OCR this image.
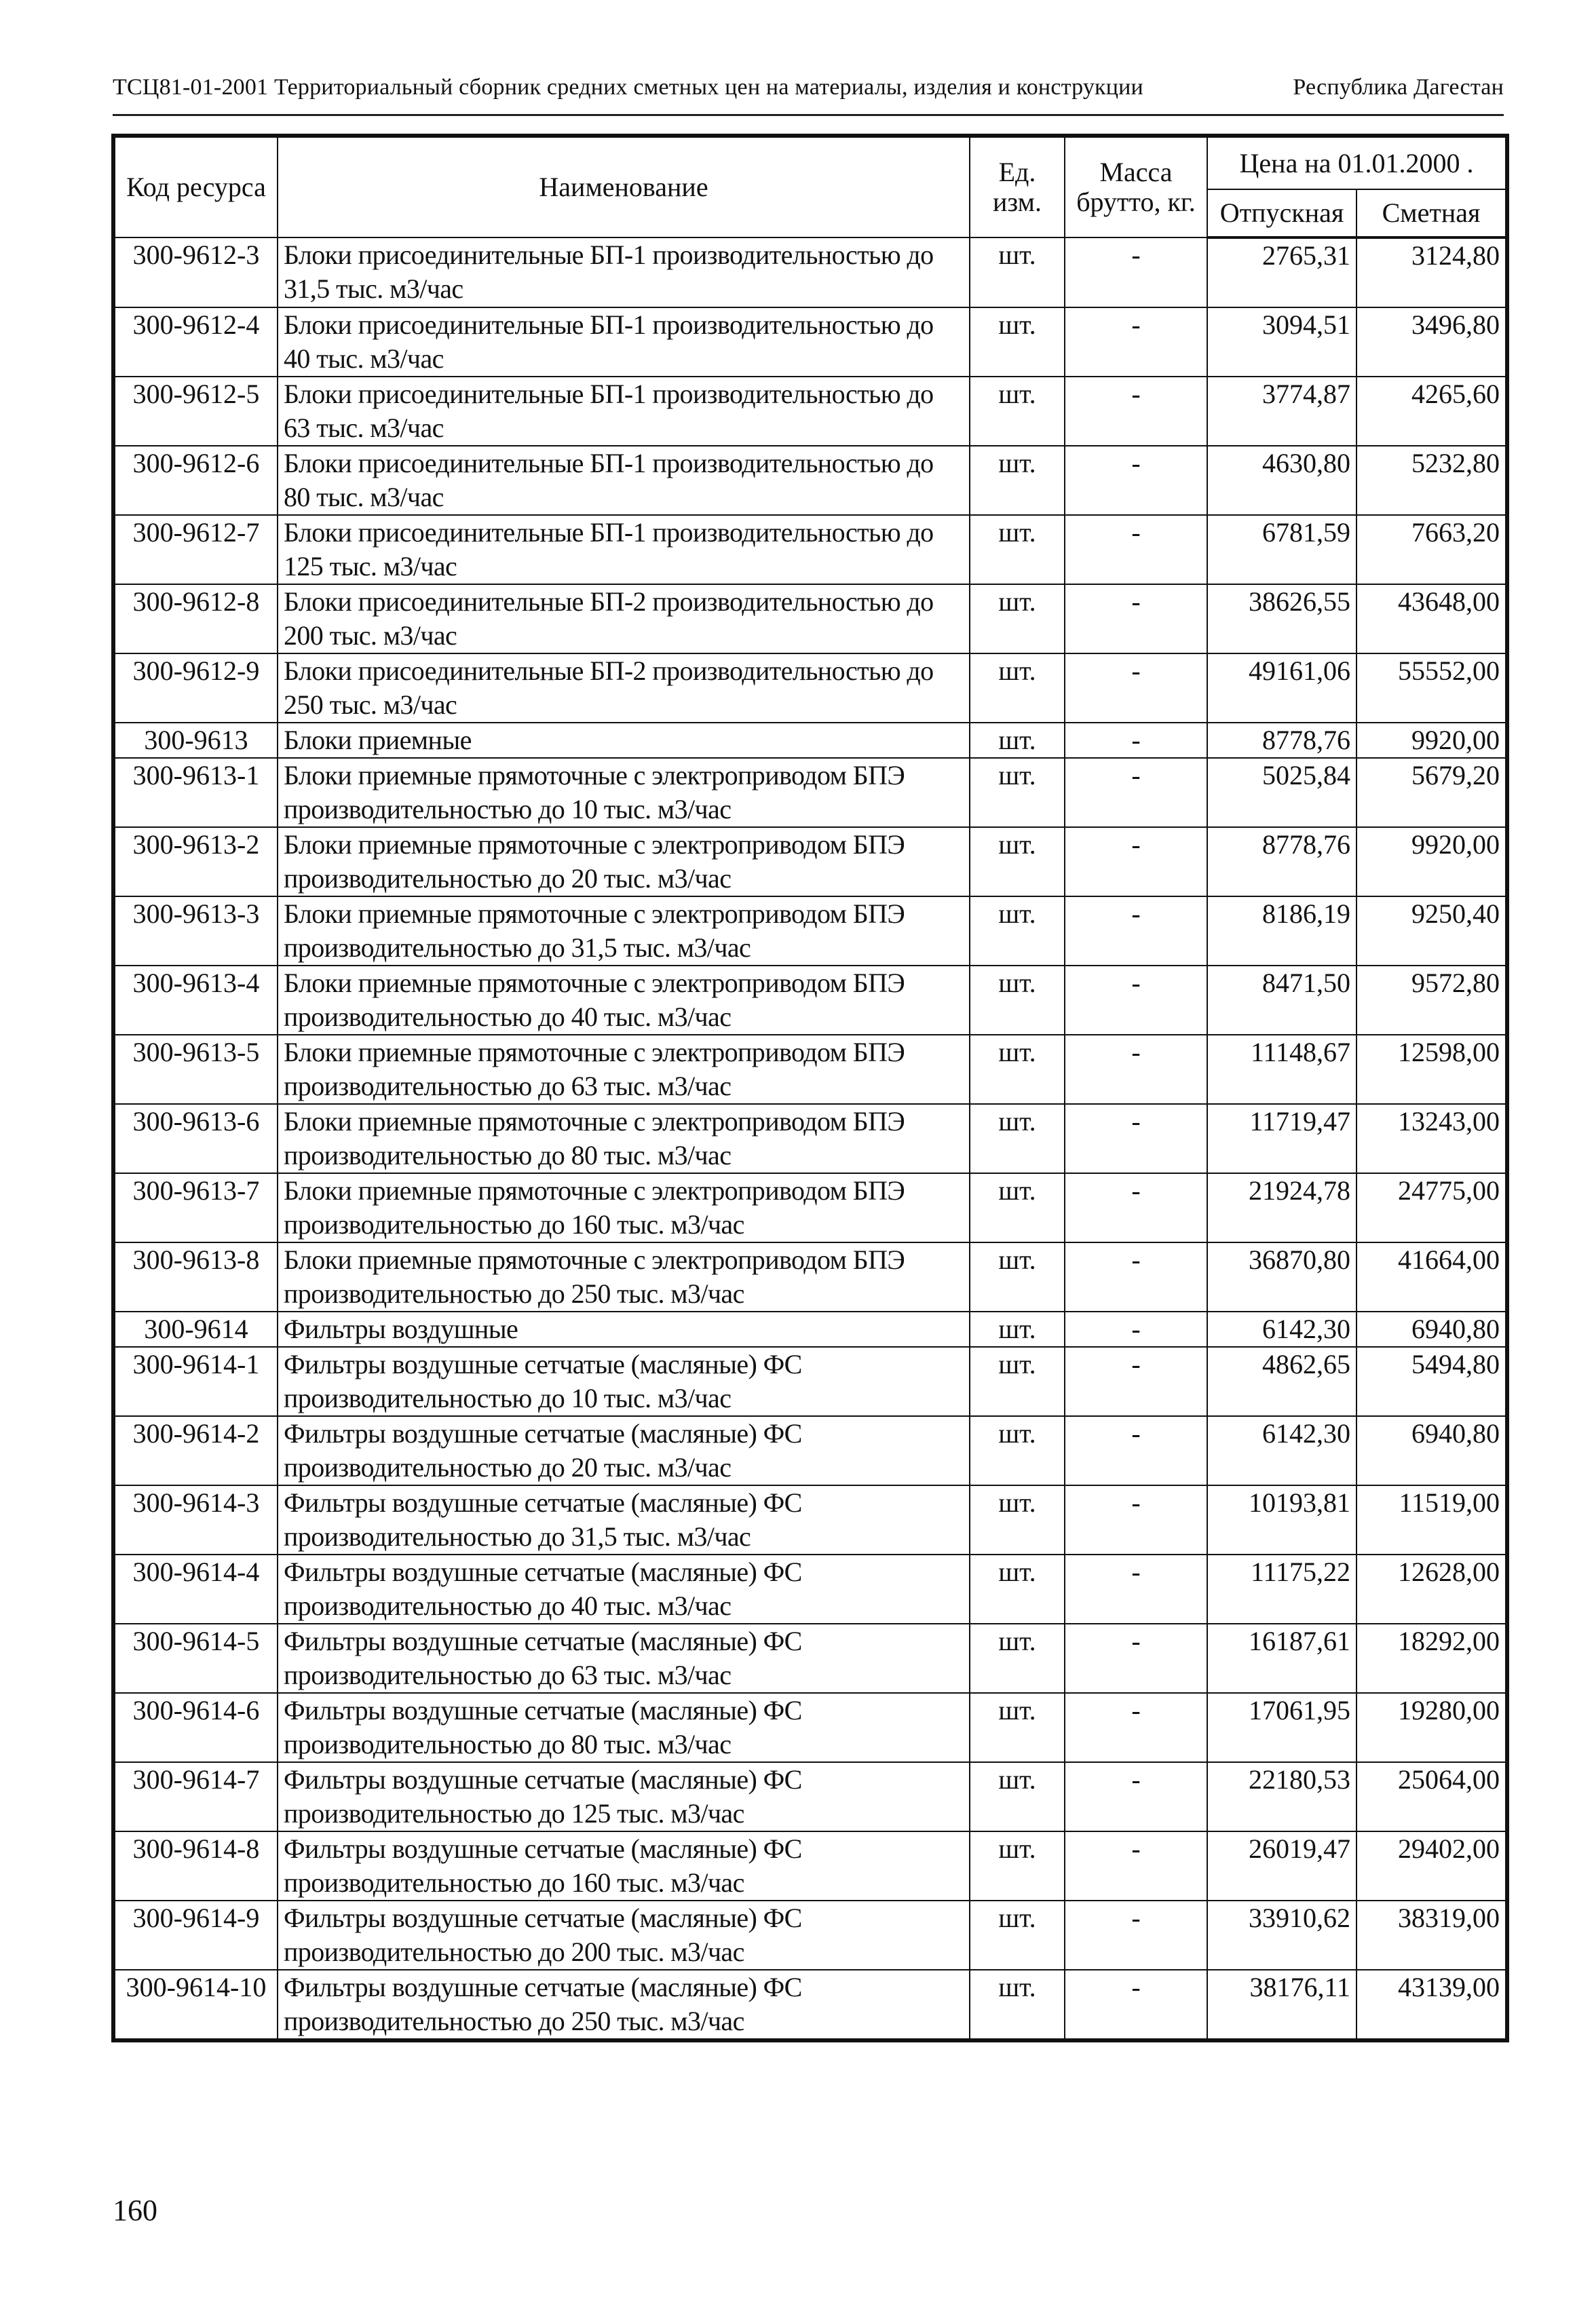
ТСЦ81-01-2001 Территориальный сборник средних сметных цен на материалы, изделия и конструкции	Республика Дагестан
Код ресурса	Наименование	Ед. изм.	Масса брутто, кг.	Цена на 01.01.2000 .	
				Отпускная	Сметная
300-9612-3	Блоки присоединительные БП-1 производительностью до 31,5 тыс. м3/час	шт.	-	2765,31	3124,80
300-9612-4	Блоки присоединительные БП-1 производительностью до 40 тыс. м3/час	шт.	-	3094,51	3496,80
300-9612-5	Блоки присоединительные БП-1 производительностью до 63 тыс. м3/час	шт.	-	3774,87	4265,60
300-9612-6	Блоки присоединительные БП-1 производительностью до 80 тыс. м3/час	шт.	-	4630,80	5232,80
300-9612-7	Блоки присоединительные БП-1 производительностью до 125 тыс. м3/час	шт.	-	6781,59	7663,20
300-9612-8	Блоки присоединительные БП-2 производительностью до 200 тыс. м3/час	шт.	-	38626,55	43648,00
300-9612-9	Блоки присоединительные БП-2 производительностью до 250 тыс. м3/час	шт.	-	49161,06	55552,00
300-9613	Блоки приемные	шт.	-	8778,76	9920,00
300-9613-1	Блоки приемные прямоточные с электроприводом БПЭ производительностью до 10 тыс. м3/час	шт.	-	5025,84	5679,20
300-9613-2	Блоки приемные прямоточные с электроприводом БПЭ производительностью до 20 тыс. м3/час	шт.	-	8778,76	9920,00
300-9613-3	Блоки приемные прямоточные с электроприводом БПЭ производительностью до 31,5 тыс. м3/час	шт.	-	8186,19	9250,40
300-9613-4	Блоки приемные прямоточные с электроприводом БПЭ производительностью до 40 тыс. м3/час	шт.	-	8471,50	9572,80
300-9613-5	Блоки приемные прямоточные с электроприводом БПЭ производительностью до 63 тыс. м3/час	шт.	-	11148,67	12598,00
300-9613-6	Блоки приемные прямоточные с электроприводом БПЭ производительностью до 80 тыс. м3/час	шт.	-	11719,47	13243,00
300-9613-7	Блоки приемные прямоточные с электроприводом БПЭ производительностью до 160 тыс. м3/час	шт.	-	21924,78	24775,00
300-9613-8	Блоки приемные прямоточные с электроприводом БПЭ производительностью до 250 тыс. м3/час	шт.	-	36870,80	41664,00
300-9614	Фильтры воздушные	шт.	-	6142,30	6940,80
300-9614-1	Фильтры воздушные сетчатые (масляные) ФС производительностью до 10 тыс. м3/час	шт.	-	4862,65	5494,80
300-9614-2	Фильтры воздушные сетчатые (масляные) ФС производительностью до 20 тыс. м3/час	шт.	-	6142,30	6940,80
300-9614-3	Фильтры воздушные сетчатые (масляные) ФС производительностью до 31,5 тыс. м3/час	шт.	-	10193,81	11519,00
300-9614-4	Фильтры воздушные сетчатые (масляные) ФС производительностью до 40 тыс. м3/час	шт.	-	11175,22	12628,00
300-9614-5	Фильтры воздушные сетчатые (масляные) ФС производительностью до 63 тыс. м3/час	шт.	-	16187,61	18292,00
300-9614-6	Фильтры воздушные сетчатые (масляные) ФС производительностью до 80 тыс. м3/час	шт.	-	17061,95	19280,00
300-9614-7	Фильтры воздушные сетчатые (масляные) ФС производительностью до 125 тыс. м3/час	шт.	-	22180,53	25064,00
300-9614-8	Фильтры воздушные сетчатые (масляные) ФС производительностью до 160 тыс. м3/час	шт.	-	26019,47	29402,00
300-9614-9	Фильтры воздушные сетчатые (масляные) ФС производительностью до 200 тыс. м3/час	шт.	-	33910,62	38319,00
300-9614-10	Фильтры воздушные сетчатые (масляные) ФС производительностью до 250 тыс. м3/час	шт.	-	38176,11	43139,00
160
